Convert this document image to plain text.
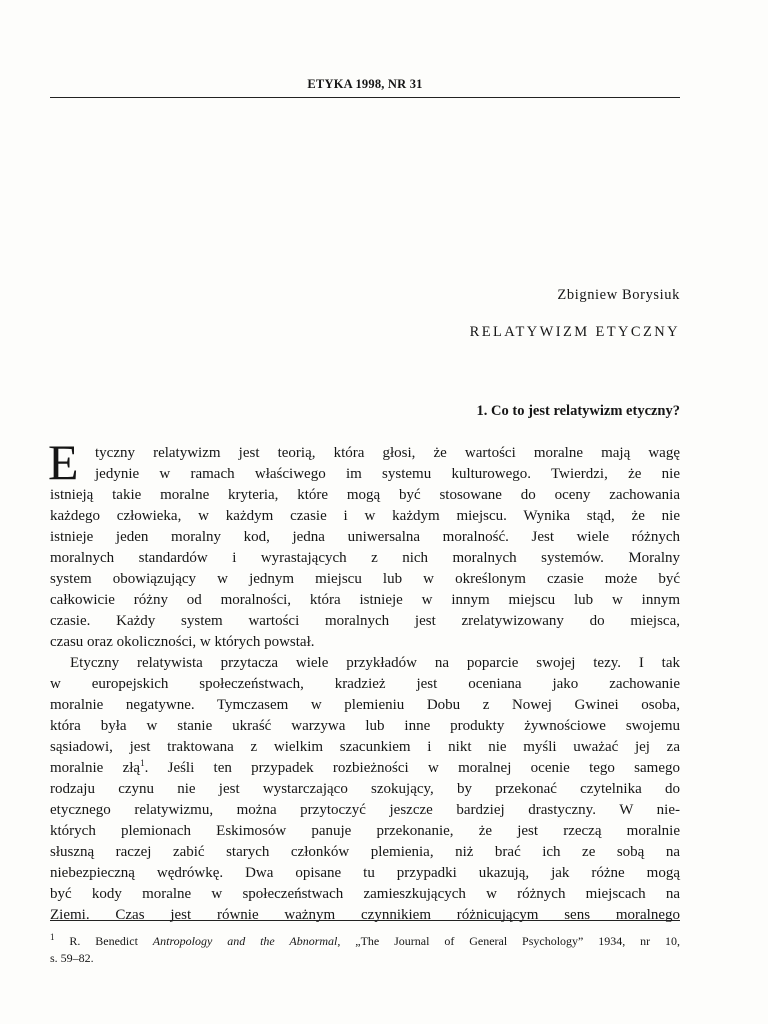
ETYKA 1998, NR 31
Zbigniew Borysiuk
RELATYWIZM ETYCZNY
1. Co to jest relatywizm etyczny?
E tyczny relatywizm jest teorią, która głosi, że wartości moralne mają wagę
jedynie w ramach właściwego im systemu kulturowego. Twierdzi, że nie
istnieją takie moralne kryteria, które mogą być stosowane do oceny zachowania
każdego człowieka, w każdym czasie i w każdym miejscu. Wynika stąd, że nie
istnieje jeden moralny kod, jedna uniwersalna moralność. Jest wiele różnych
moralnych standardów i wyrastających z nich moralnych systemów. Moralny
system obowiązujący w jednym miejscu lub w określonym czasie może być
całkowicie różny od moralności, która istnieje w innym miejscu lub w innym
czasie. Każdy system wartości moralnych jest zrelatywizowany do miejsca,
czasu oraz okoliczności, w których powstał.
Etyczny relatywista przytacza wiele przykładów na poparcie swojej tezy. I tak
w europejskich społeczeństwach, kradzież jest oceniana jako zachowanie
moralnie negatywne. Tymczasem w plemieniu Dobu z Nowej Gwinei osoba,
która była w stanie ukraść warzywa lub inne produkty żywnościowe swojemu
sąsiadowi, jest traktowana z wielkim szacunkiem i nikt nie myśli uważać jej za
moralnie złą$^1$. Jeśli ten przypadek rozbieżności w moralnej ocenie tego samego
rodzaju czynu nie jest wystarczająco szokujący, by przekonać czytelnika do
etycznego relatywizmu, można przytoczyć jeszcze bardziej drastyczny. W nie-
których plemionach Eskimosów panuje przekonanie, że jest rzeczą moralnie
słuszną raczej zabić starych członków plemienia, niż brać ich ze sobą na
niebezpieczną wędrówkę. Dwa opisane tu przypadki ukazują, jak różne mogą
być kody moralne w społeczeństwach zamieszkujących w różnych miejscach na
Ziemi. Czas jest równie ważnym czynnikiem różnicującym sens moralnego
$^1$ R. Benedict Antropology and the Abnormal, „The Journal of General Psychology” 1934, nr 10,
s. 59–82.
